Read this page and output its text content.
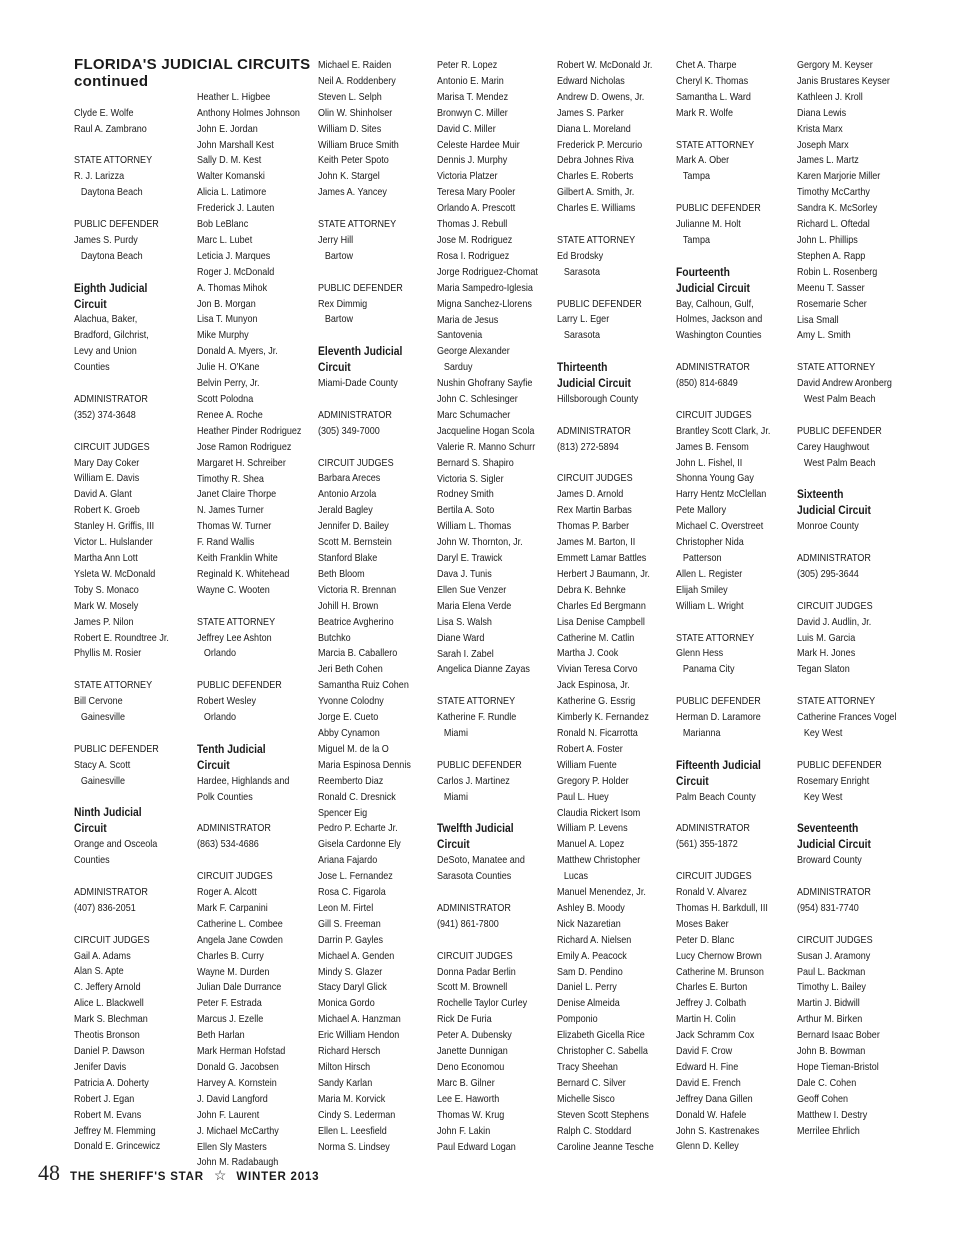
FLORIDA'S JUDICIAL CIRCUITS
continued
Clyde E. Wolfe
Raul A. Zambrano
STATE ATTORNEY
R. J. Larizza
Daytona Beach
PUBLIC DEFENDER
James S. Purdy
Daytona Beach
Eighth Judicial
Circuit
Alachua, Baker,
Bradford, Gilchrist,
Levy and Union
Counties
ADMINISTRATOR
(352) 374-3648
CIRCUIT JUDGES
Mary Day Coker
William E. Davis
David A. Glant
Robert K. Groeb
Stanley H. Griffis, III
Victor L. Hulslander
Martha Ann Lott
Ysleta W. McDonald
Toby S. Monaco
Mark W. Mosely
James P. Nilon
Robert E. Roundtree Jr.
Phyllis M. Rosier
STATE ATTORNEY
Bill Cervone
Gainesville
PUBLIC DEFENDER
Stacy A. Scott
Gainesville
Ninth Judicial
Circuit
Orange and Osceola
Counties
ADMINISTRATOR
(407) 836-2051
CIRCUIT JUDGES
Gail A. Adams
Alan S. Apte
C. Jeffery Arnold
Alice L. Blackwell
Mark S. Blechman
Theotis Bronson
Daniel P. Dawson
Jenifer Davis
Patricia A. Doherty
Robert J. Egan
Robert M. Evans
Jeffrey M. Flemming
Donald E. Grincewicz
Heather L. Higbee
Anthony Holmes Johnson
John E. Jordan
John Marshall Kest
Sally D. M. Kest
Walter Komanski
Alicia L. Latimore
Frederick J. Lauten
Bob LeBlanc
Marc L. Lubet
Leticia J. Marques
Roger J. McDonald
A. Thomas Mihok
Jon B. Morgan
Lisa T. Munyon
Mike Murphy
Donald A. Myers, Jr.
Julie H. O'Kane
Belvin Perry, Jr.
Scott Polodna
Renee A. Roche
Heather Pinder Rodriguez
Jose Ramon Rodriguez
Margaret H. Schreiber
Timothy R. Shea
Janet Claire Thorpe
N. James Turner
Thomas W. Turner
F. Rand Wallis
Keith Franklin White
Reginald K. Whitehead
Wayne C. Wooten
STATE ATTORNEY
Jeffrey Lee Ashton
Orlando
PUBLIC DEFENDER
Robert Wesley
Orlando
Tenth Judicial
Circuit
Hardee, Highlands and
Polk Counties
ADMINISTRATOR
(863) 534-4686
CIRCUIT JUDGES
Roger A. Alcott
Mark F. Carpanini
Catherine L. Combee
Angela Jane Cowden
Charles B. Curry
Wayne M. Durden
Julian Dale Durrance
Peter F. Estrada
Marcus J. Ezelle
Beth Harlan
Mark Herman Hofstad
Donald G. Jacobsen
Harvey A. Kornstein
J. David Langford
John F. Laurent
J. Michael McCarthy
Ellen Sly Masters
John M. Radabaugh
Michael E. Raiden
Neil A. Roddenbery
Steven L. Selph
Olin W. Shinholser
William D. Sites
William Bruce Smith
Keith Peter Spoto
John K. Stargel
James A. Yancey
STATE ATTORNEY
Jerry Hill
Bartow
PUBLIC DEFENDER
Rex Dimmig
Bartow
Eleventh Judicial
Circuit
Miami-Dade County
ADMINISTRATOR
(305) 349-7000
CIRCUIT JUDGES
Barbara Areces
Antonio Arzola
Jerald Bagley
Jennifer D. Bailey
Scott M. Bernstein
Stanford Blake
Beth Bloom
Victoria R. Brennan
Johill H. Brown
Beatrice Avgherino
Butchko
Marcia B. Caballero
Jeri Beth Cohen
Samantha Ruiz Cohen
Yvonne Colodny
Jorge E. Cueto
Abby Cynamon
Miguel M. de la O
Maria Espinosa Dennis
Reemberto Diaz
Ronald C. Dresnick
Spencer Eig
Pedro P. Echarte Jr.
Gisela Cardonne Ely
Ariana Fajardo
Jose L. Fernandez
Rosa C. Figarola
Leon M. Firtel
Gill S. Freeman
Darrin P. Gayles
Michael A. Genden
Mindy S. Glazer
Stacy Daryl Glick
Monica Gordo
Michael A. Hanzman
Eric William Hendon
Richard Hersch
Milton Hirsch
Sandy Karlan
Maria M. Korvick
Cindy S. Lederman
Ellen L. Leesfield
Norma S. Lindsey
Peter R. Lopez
Antonio E. Marin
Marisa T. Mendez
Bronwyn C. Miller
David C. Miller
Celeste Hardee Muir
Dennis J. Murphy
Victoria Platzer
Teresa Mary Pooler
Orlando A. Prescott
Thomas J. Rebull
Jose M. Rodriguez
Rosa I. Rodriguez
Jorge Rodriguez-Chomat
Maria Sampedro-Iglesia
Migna Sanchez-Llorens
Maria de Jesus
Santovenia
George Alexander
Sarduy
Nushin Ghofrany Sayfie
John C. Schlesinger
Marc Schumacher
Jacqueline Hogan Scola
Valerie R. Manno Schurr
Bernard S. Shapiro
Victoria S. Sigler
Rodney Smith
Bertila A. Soto
William L. Thomas
John W. Thornton, Jr.
Daryl E. Trawick
Dava J. Tunis
Ellen Sue Venzer
Maria Elena Verde
Lisa S. Walsh
Diane Ward
Sarah I. Zabel
Angelica Dianne Zayas
STATE ATTORNEY
Katherine F. Rundle
Miami
PUBLIC DEFENDER
Carlos J. Martinez
Miami
Twelfth Judicial
Circuit
DeSoto, Manatee and
Sarasota Counties
ADMINISTRATOR
(941) 861-7800
CIRCUIT JUDGES
Donna Padar Berlin
Scott M. Brownell
Rochelle Taylor Curley
Rick De Furia
Peter A. Dubensky
Janette Dunnigan
Deno Economou
Marc B. Gilner
Lee E. Haworth
Thomas W. Krug
John F. Lakin
Paul Edward Logan
Robert W. McDonald Jr.
Edward Nicholas
Andrew D. Owens, Jr.
James S. Parker
Diana L. Moreland
Frederick P. Mercurio
Debra Johnes Riva
Charles E. Roberts
Gilbert A. Smith, Jr.
Charles E. Williams
STATE ATTORNEY
Ed Brodsky
Sarasota
PUBLIC DEFENDER
Larry L. Eger
Sarasota
Thirteenth
Judicial Circuit
Hillsborough County
ADMINISTRATOR
(813) 272-5894
CIRCUIT JUDGES
James D. Arnold
Rex Martin Barbas
Thomas P. Barber
James M. Barton, II
Emmett Lamar Battles
Herbert J Baumann, Jr.
Debra K. Behnke
Charles Ed Bergmann
Lisa Denise Campbell
Catherine M. Catlin
Martha J. Cook
Vivian Teresa Corvo
Jack Espinosa, Jr.
Katherine G. Essrig
Kimberly K. Fernandez
Ronald N. Ficarrotta
Robert A. Foster
William Fuente
Gregory P. Holder
Paul L. Huey
Claudia Rickert Isom
William P. Levens
Manuel A. Lopez
Matthew Christopher
Lucas
Manuel Menendez, Jr.
Ashley B. Moody
Nick Nazaretian
Richard A. Nielsen
Emily A. Peacock
Sam D. Pendino
Daniel L. Perry
Denise Almeida
Pomponio
Elizabeth Gicella Rice
Christopher C. Sabella
Tracy Sheehan
Bernard C. Silver
Michelle Sisco
Steven Scott Stephens
Ralph C. Stoddard
Caroline Jeanne Tesche
Chet A. Tharpe
Cheryl K. Thomas
Samantha L. Ward
Mark R. Wolfe
STATE ATTORNEY
Mark A. Ober
Tampa
PUBLIC DEFENDER
Julianne M. Holt
Tampa
Fourteenth
Judicial Circuit
Bay, Calhoun, Gulf,
Holmes, Jackson and
Washington Counties
ADMINISTRATOR
(850) 814-6849
CIRCUIT JUDGES
Brantley Scott Clark, Jr.
James B. Fensom
John L. Fishel, II
Shonna Young Gay
Harry Hentz McClellan
Pete Mallory
Michael C. Overstreet
Christopher Nida
Patterson
Allen L. Register
Elijah Smiley
William L. Wright
STATE ATTORNEY
Glenn Hess
Panama City
PUBLIC DEFENDER
Herman D. Laramore
Marianna
Fifteenth Judicial
Circuit
Palm Beach County
ADMINISTRATOR
(561) 355-1872
CIRCUIT JUDGES
Ronald V. Alvarez
Thomas H. Barkdull, III
Moses Baker
Peter D. Blanc
Lucy Chernow Brown
Catherine M. Brunson
Charles E. Burton
Jeffrey J. Colbath
Martin H. Colin
Jack Schramm Cox
David F. Crow
Edward H. Fine
David E. French
Jeffrey Dana Gillen
Donald W. Hafele
John S. Kastrenakes
Glenn D. Kelley
Gergory M. Keyser
Janis Brustares Keyser
Kathleen J. Kroll
Diana Lewis
Krista Marx
Joseph Marx
James L. Martz
Karen Marjorie Miller
Timothy McCarthy
Sandra K. McSorley
Richard L. Oftedal
John L. Phillips
Stephen A. Rapp
Robin L. Rosenberg
Meenu T. Sasser
Rosemarie Scher
Lisa Small
Amy L. Smith
STATE ATTORNEY
David Andrew Aronberg
West Palm Beach
PUBLIC DEFENDER
Carey Haughwout
West Palm Beach
Sixteenth
Judicial Circuit
Monroe County
ADMINISTRATOR
(305) 295-3644
CIRCUIT JUDGES
David J. Audlin, Jr.
Luis M. Garcia
Mark H. Jones
Tegan Slaton
STATE ATTORNEY
Catherine Frances Vogel
Key West
PUBLIC DEFENDER
Rosemary Enright
Key West
Seventeenth
Judicial Circuit
Broward County
ADMINISTRATOR
(954) 831-7740
CIRCUIT JUDGES
Susan J. Aramony
Paul L. Backman
Timothy L. Bailey
Martin J. Bidwill
Arthur M. Birken
Bernard Isaac Bober
John B. Bowman
Hope Tieman-Bristol
Dale C. Cohen
Geoff Cohen
Matthew I. Destry
Merrilee Ehrlich
48 THE SHERIFF'S STAR ☆ WINTER 2013
